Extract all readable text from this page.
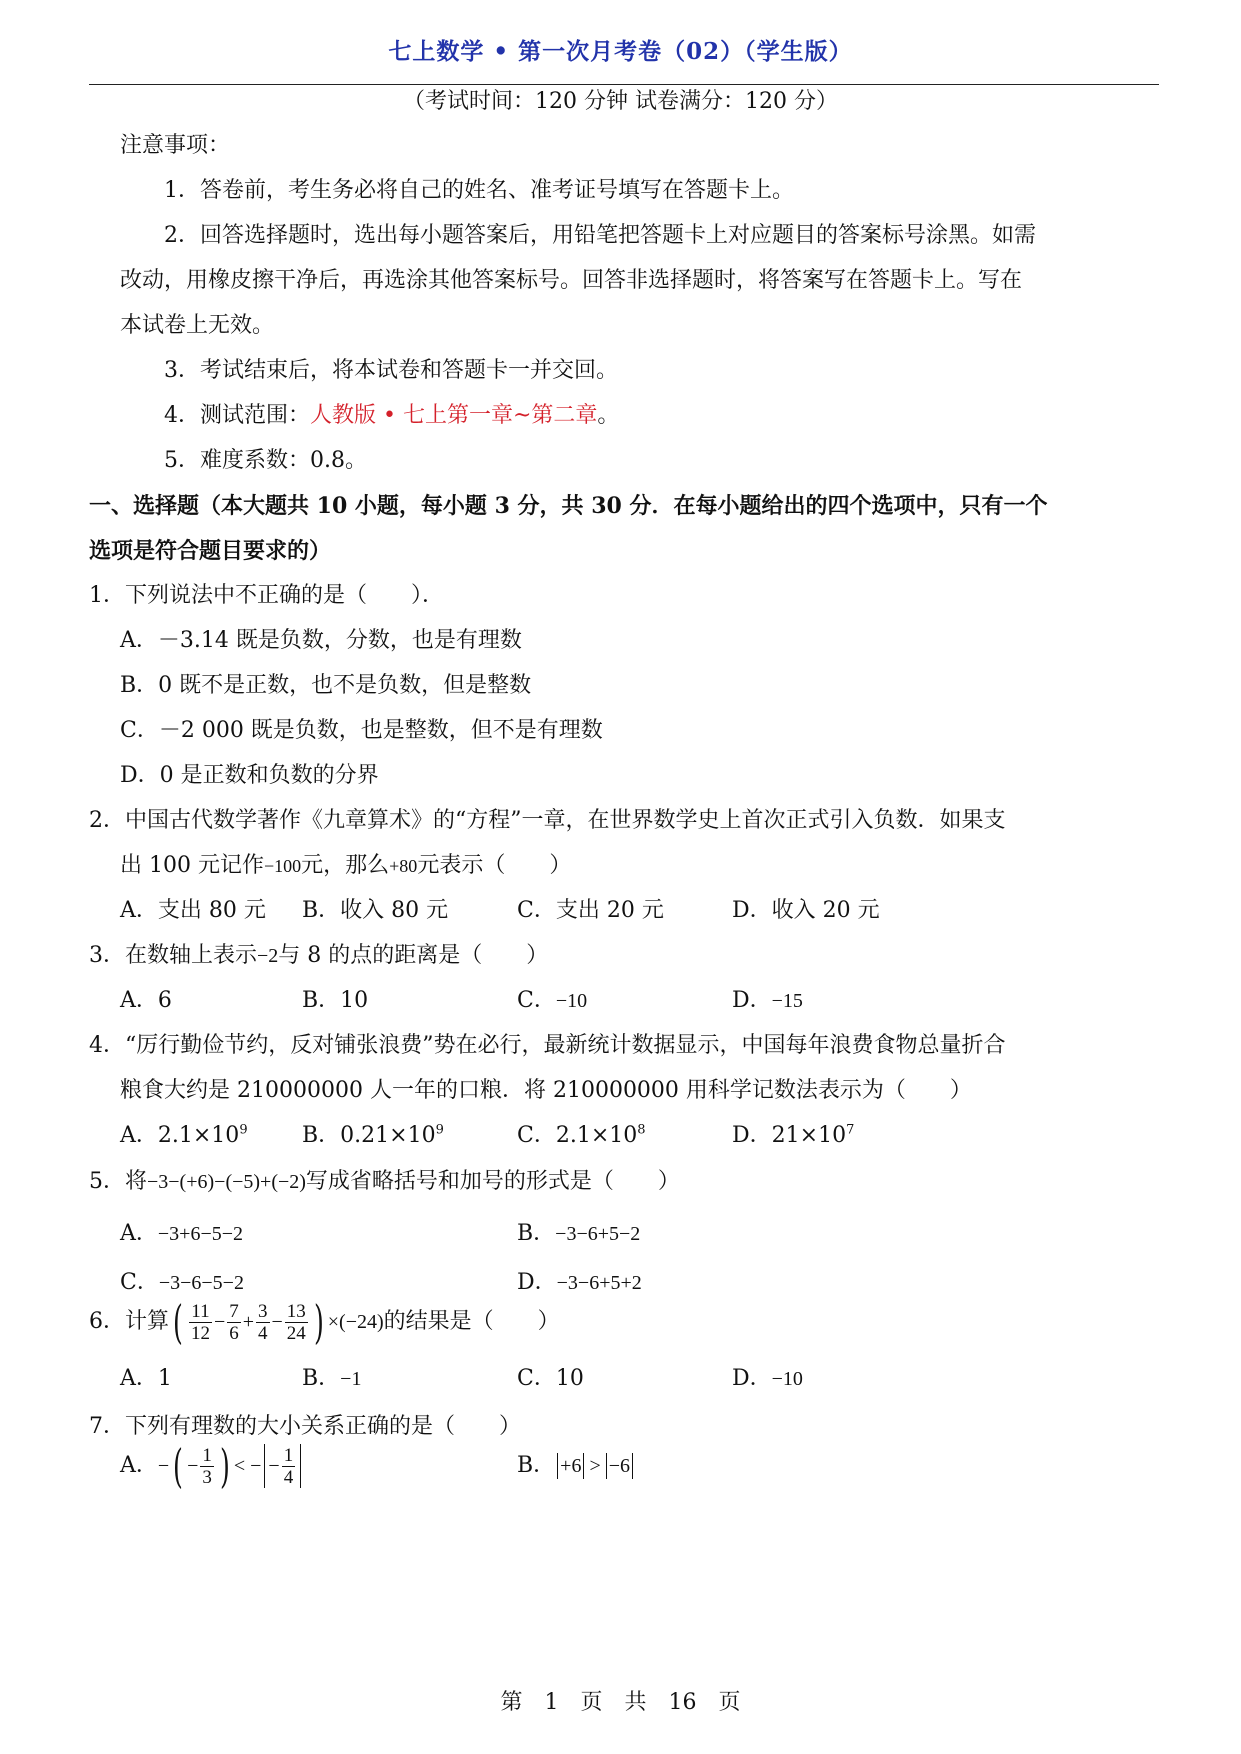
七上数学 • 第一次月考卷（02）（学生版）
（考试时间：120 分钟 试卷满分：120 分）
注意事项：
1．答卷前，考生务必将自己的姓名、准考证号填写在答题卡上。
2．回答选择题时，选出每小题答案后，用铅笔把答题卡上对应题目的答案标号涂黑。如需
改动，用橡皮擦干净后，再选涂其他答案标号。回答非选择题时，将答案写在答题卡上。写在
本试卷上无效。
3．考试结束后，将本试卷和答题卡一并交回。
4．测试范围：人教版 • 七上第一章~第二章。
5．难度系数：0.8。
一、选择题（本大题共 10 小题，每小题 3 分，共 30 分．在每小题给出的四个选项中，只有一个
选项是符合题目要求的）
1．下列说法中不正确的是（　　）．
A．－3.14 既是负数，分数，也是有理数
B．0 既不是正数，也不是负数，但是整数
C．－2 000 既是负数，也是整数，但不是有理数
D．0 是正数和负数的分界
2．中国古代数学著作《九章算术》的“方程”一章，在世界数学史上首次正式引入负数．如果支
出 100 元记作−100元，那么+80元表示（　　）
A．支出 80 元 B．收入 80 元	C．支出 20 元	D．收入 20 元
3．在数轴上表示−2与 8 的点的距离是（　　）
A．6	B．10	C．−10	D．−15
4．“厉行勤俭节约，反对铺张浪费”势在必行，最新统计数据显示，中国每年浪费食物总量折合
粮食大约是 210000000 人一年的口粮．将 210000000 用科学记数法表示为（　　）
A．$2.1\times 10^9$ B．$0.21\times 10^9$	C．$2.1\times 10^8$	D．$21\times 10^7$
5．将−3−(+6)−(−5)+(−2)写成省略括号和加号的形式是（　　）
A．−3+6−5−2	B．−3−6+5−2
C．−3−6−5−2	D．−3−6+5+2
6．计算( $\frac{11}{12} - \frac{7}{6} + \frac{3}{4} - \frac{13}{24}$ ) ×(−24)的结果是（　　）
A．1	B．−1	C．10	D．−10
7．下列有理数的大小关系正确的是（　　）
A．−( − $\frac{1}{3}$ ) < − − $\frac{1}{4}$	B． +6 > −6
第　1　页　共　16　页
